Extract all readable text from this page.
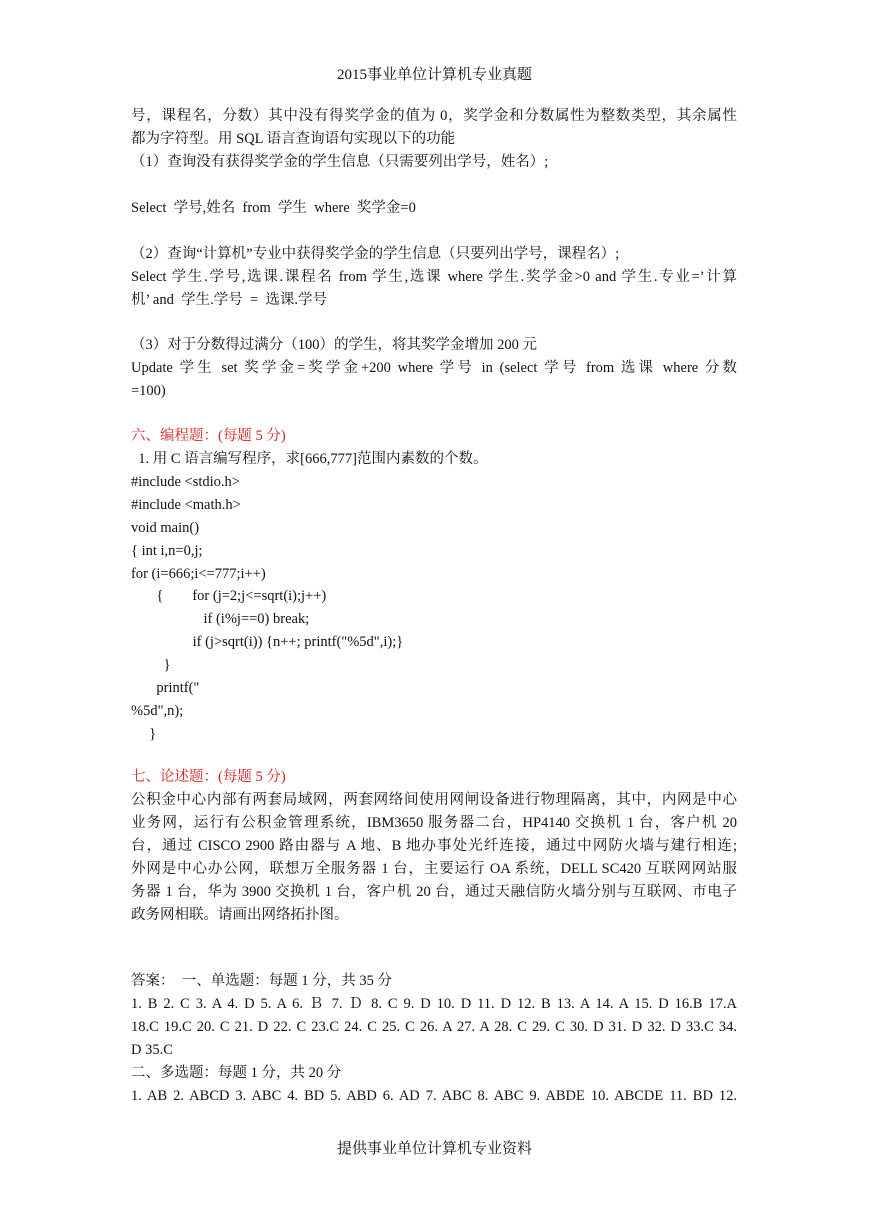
2015事业单位计算机专业真题
号，课程名，分数）其中没有得奖学金的值为 0，奖学金和分数属性为整数类型，其余属性
都为字符型。用 SQL 语言查询语句实现以下的功能
（1）查询没有获得奖学金的学生信息（只需要列出学号，姓名）;
Select  学号,姓名  from  学生  where  奖学金=0
（2）查询“计算机”专业中获得奖学金的学生信息（只要列出学号，课程名）;
Select 学生.学号,选课.课程名 from 学生,选课 where 学生.奖学金>0 and 学生.专业=’计算
机’ and  学生.学号  =  选课.学号
（3）对于分数得过满分（100）的学生，将其奖学金增加 200 元
Update 学生 set 奖学金=奖学金+200 where 学号 in (select 学号 from 选课 where 分数
=100)
六、编程题：(每题 5 分)
1. 用 C 语言编写程序，求[666,777]范围内素数的个数。
#include <stdio.h>
#include <math.h>
void main()
{ int i,n=0,j;
for (i=666;i<=777;i++)
{        for (j=2;j<=sqrt(i);j++)
if (i%j==0) break;
if (j>sqrt(i)) {n++; printf("%5d",i);}
}
printf("
%5d",n);
}
七、论述题：(每题 5 分)
公积金中心内部有两套局域网，两套网络间使用网闸设备进行物理隔离，其中，内网是中心
业务网，运行有公积金管理系统，IBM3650 服务器二台，HP4140 交换机 1 台，客户机 20
台，通过 CISCO 2900 路由器与 A 地、B 地办事处光纤连接，通过中网防火墙与建行相连;
外网是中心办公网，联想万全服务器 1 台，主要运行 OA 系统，DELL SC420 互联网网站服
务器 1 台，华为 3900 交换机 1 台，客户机 20 台，通过天融信防火墙分别与互联网、市电子
政务网相联。请画出网络拓扑图。
答案：  一、单选题：每题 1 分，共 35 分
1. B 2. C 3. A 4. D 5. A 6. Ｂ 7. Ｄ 8. C 9. D 10. D 11. D 12. B 13. A 14. A 15. D 16.B 17.A
18.C 19.C 20. C 21. D 22. C 23.C 24. C 25. C 26. A 27. A 28. C 29. C 30. D 31. D 32. D 33.C 34.
D 35.C
二、多选题：每题 1 分，共 20 分
1. AB 2. ABCD 3. ABC 4. BD 5. ABD 6. AD 7. ABC 8. ABC 9. ABDE 10. ABCDE 11. BD 12.
提供事业单位计算机专业资料
